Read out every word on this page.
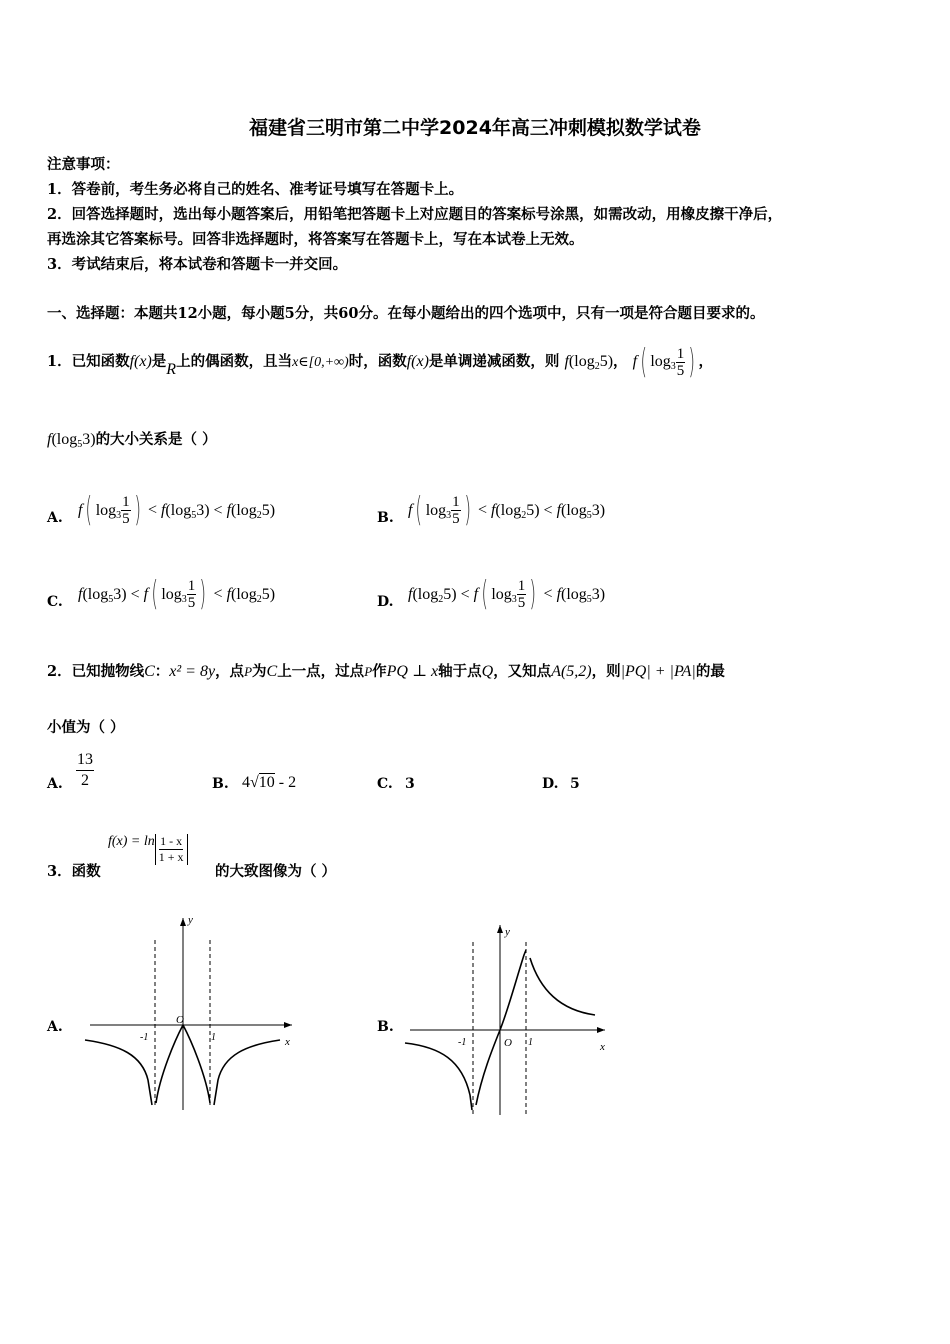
福建省三明市第二中学2024年高三冲刺模拟数学试卷
注意事项：
1．答卷前，考生务必将自己的姓名、准考证号填写在答题卡上。
2．回答选择题时，选出每小题答案后，用铅笔把答题卡上对应题目的答案标号涂黑，如需改动，用橡皮擦干净后，
再选涂其它答案标号。回答非选择题时，将答案写在答题卡上，写在本试卷上无效。
3．考试结束后，将本试卷和答题卡一并交回。
一、选择题：本题共12小题，每小题5分，共60分。在每小题给出的四个选项中，只有一项是符合题目要求的。
1．已知函数f(x)是R上的偶函数，且当x∈[0,+∞)时，函数f(x)是单调递减函数，则 $f(\log_25)$， f( $\log_3 \frac{1}{5}$ ) ，
$f(\log_53)$的大小关系是（ ）
A. f( $\log_3 \frac{1}{5}$ ) < $f(\log_53) < f(\log_25)$	B. f( $\log_3 \frac{1}{5}$ ) < $f(\log_25) < f(\log_53)$
C. $f(\log_53) < f$( $\log_3 \frac{1}{5}$ ) < $f(\log_25)$	D. $f(\log_25) < f$( $\log_3 \frac{1}{5}$ ) < $f(\log_53)$
2．已知抛物线C：x² = 8y，点P为C上一点，过点P作PQ ⊥ x轴于点Q，又知点A(5,2)，则|PQ| + |PA|的最
小值为（ ）
A. $\frac{13}{2}$	B. 4√10 - 2	C. 3	D. 5
3．函数
$f(x) = \ln \frac{1 - x}{1 + x}$
的大致图像为（ ）
A.
y
x
O
-1	1
B.
y
x
O
-1	1
